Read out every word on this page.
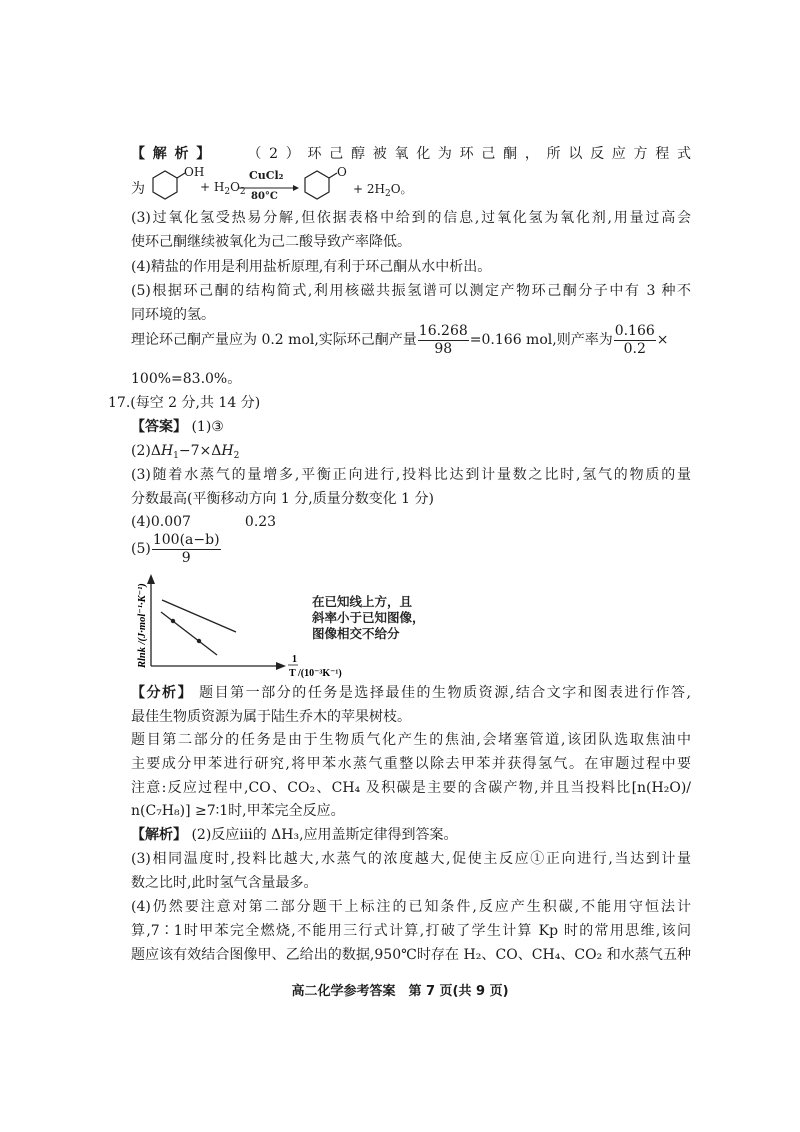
【解析】　　	（2）环己醇被氧化为环己酮，所以反应方程式
为
OH
+ $H_2O_2$
CuCl₂
80°C
O
+ $2H_2O$。
(3)过氧化氢受热易分解,但依据表格中给到的信息,过氧化氢为氧化剂,用量过高会
使环己酮继续被氧化为己二酸导致产率降低。
(4)精盐的作用是利用盐析原理,有利于环己酮从水中析出。
(5)根据环己酮的结构简式,利用核磁共振氢谱可以测定产物环己酮分子中有 3 种不
同环境的氢。
理论环己酮产量应为 0.2 mol,实际环己酮产量 $\frac{16.268}{98} =0.166$ mol,则产率为 $\frac{0.166}{0.2}$ ×
100%=83.0%。
17.(每空 2 分,共 14 分)
【答案】 (1)③
$(2)\Delta H_1-7\times\Delta H_2$
(3)随着水蒸气的量增多,平衡正向进行,投料比达到计量数之比时,氢气的物质的量
分数最高(平衡移动方向 1 分,质量分数变化 1 分)
(4)0.007	0.23
$(5) \frac{100(a-b)}{9}$
Rlnk /(J·mol⁻¹·K⁻¹)	1
T /(10⁻³K⁻¹)
在已知线上方，且
斜率小于已知图像，
图像相交不给分
【分析】 题目第一部分的任务是选择最佳的生物质资源,结合文字和图表进行作答,
最佳生物质资源为属于陆生乔木的苹果树枝。
题目第二部分的任务是由于生物质气化产生的焦油,会堵塞管道,该团队选取焦油中
主要成分甲苯进行研究,将甲苯水蒸气重整以除去甲苯并获得氢气。在审题过程中要
注意:反应过程中,CO、CO₂、CH₄ 及积碳是主要的含碳产物,并且当投料比[n(H₂O)/
n(C₇H₈)] ≥7∶1时,甲苯完全反应。
【解析】 (2)反应ⅲ的 ΔH₃,应用盖斯定律得到答案。
(3)相同温度时,投料比越大,水蒸气的浓度越大,促使主反应①正向进行,当达到计量
数之比时,此时氢气含量最多。
(4)仍然要注意对第二部分题干上标注的已知条件,反应产生积碳,不能用守恒法计
算,7∶1时甲苯完全燃烧,不能用三行式计算,打破了学生计算 Kp 时的常用思维,该问
题应该有效结合图像甲、乙给出的数据,950℃时存在 H₂、CO、CH₄、CO₂ 和水蒸气五种
高二化学参考答案　第 7 页(共 9 页)
